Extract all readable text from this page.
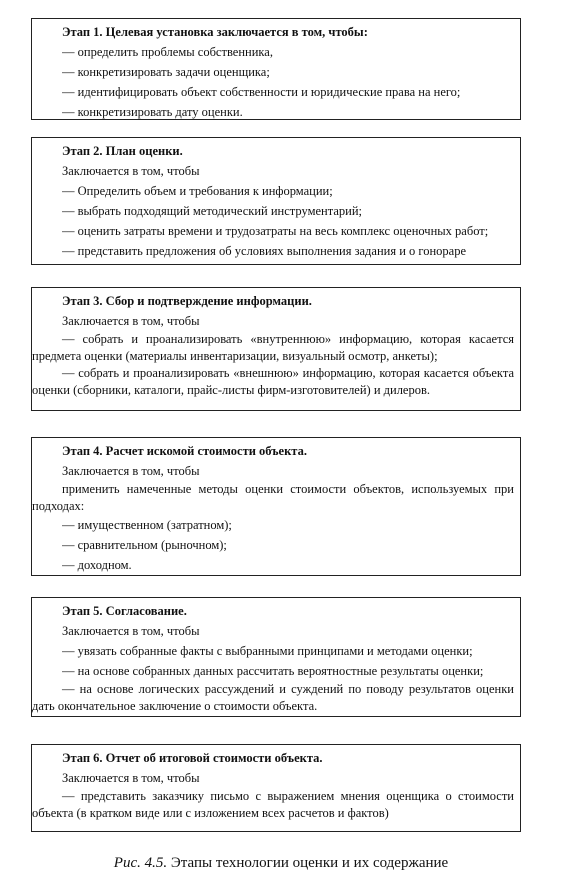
Этап 1. Целевая установка заключается в том, чтобы:
— определить проблемы собственника,
— конкретизировать задачи оценщика;
— идентифицировать объект собственности и юридические права на него;
— конкретизировать дату оценки.
Этап 2. План оценки.
Заключается в том, чтобы
— Определить объем и требования к информации;
— выбрать подходящий методический инструментарий;
— оценить затраты времени и трудозатраты на весь комплекс оценочных работ;
— представить предложения об условиях выполнения задания и о гонораре
Этап 3. Сбор и подтверждение информации.
Заключается в том, чтобы
— собрать и проанализировать «внутреннюю» информацию, которая касается предмета оценки (материалы инвентаризации, визуальный осмотр, анкеты);
— собрать и проанализировать «внешнюю» информацию, которая касается объекта оценки (сборники, каталоги, прайс-листы фирм-изготовителей) и дилеров.
Этап 4. Расчет искомой стоимости объекта.
Заключается в том, чтобы
применить намеченные методы оценки стоимости объектов, используемых при подходах:
— имущественном (затратном);
— сравнительном (рыночном);
— доходном.
Этап 5. Согласование.
Заключается в том, чтобы
— увязать собранные факты с выбранными принципами и методами оценки;
— на основе собранных данных рассчитать вероятностные результаты оценки;
— на основе логических рассуждений и суждений по поводу результатов оценки дать окончательное заключение о стоимости объекта.
Этап 6. Отчет об итоговой стоимости объекта.
Заключается в том, чтобы
— представить заказчику письмо с выражением мнения оценщика о стоимости объекта (в кратком виде или с изложением всех расчетов и фактов)
Рис. 4.5. Этапы технологии оценки и их содержание
